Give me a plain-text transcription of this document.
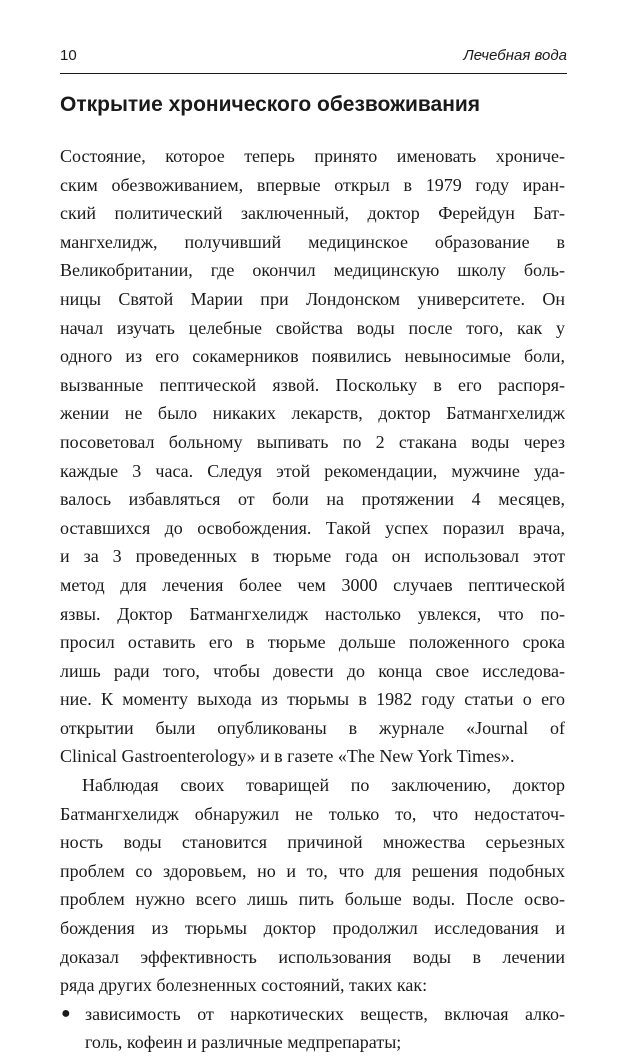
10	Лечебная вода
Открытие хронического обезвоживания
Состояние, которое теперь принято именовать хрониче-
ским обезвоживанием, впервые открыл в 1979 году иран-
ский политический заключенный, доктор Ферейдун Бат-
мангхелидж, получивший медицинское образование в
Великобритании, где окончил медицинскую школу боль-
ницы Святой Марии при Лондонском университете. Он
начал изучать целебные свойства воды после того, как у
одного из его сокамерников появились невыносимые боли,
вызванные пептической язвой. Поскольку в его распоря-
жении не было никаких лекарств, доктор Батмангхелидж
посоветовал больному выпивать по 2 стакана воды через
каждые 3 часа. Следуя этой рекомендации, мужчине уда-
валось избавляться от боли на протяжении 4 месяцев,
оставшихся до освобождения. Такой успех поразил врача,
и за 3 проведенных в тюрьме года он использовал этот
метод для лечения более чем 3000 случаев пептической
язвы. Доктор Батмангхелидж настолько увлекся, что по-
просил оставить его в тюрьме дольше положенного срока
лишь ради того, чтобы довести до конца свое исследова-
ние. К моменту выхода из тюрьмы в 1982 году статьи о его
открытии были опубликованы в журнале «Journal of
Clinical Gastroenterology» и в газете «The New York Times».
Наблюдая своих товарищей по заключению, доктор
Батмангхелидж обнаружил не только то, что недостаточ-
ность воды становится причиной множества серьезных
проблем со здоровьем, но и то, что для решения подобных
проблем нужно всего лишь пить больше воды. После осво-
бождения из тюрьмы доктор продолжил исследования и
доказал эффективность использования воды в лечении
ряда других болезненных состояний, таких как:
● зависимость от наркотических веществ, включая алко-
голь, кофеин и различные медпрепараты;
